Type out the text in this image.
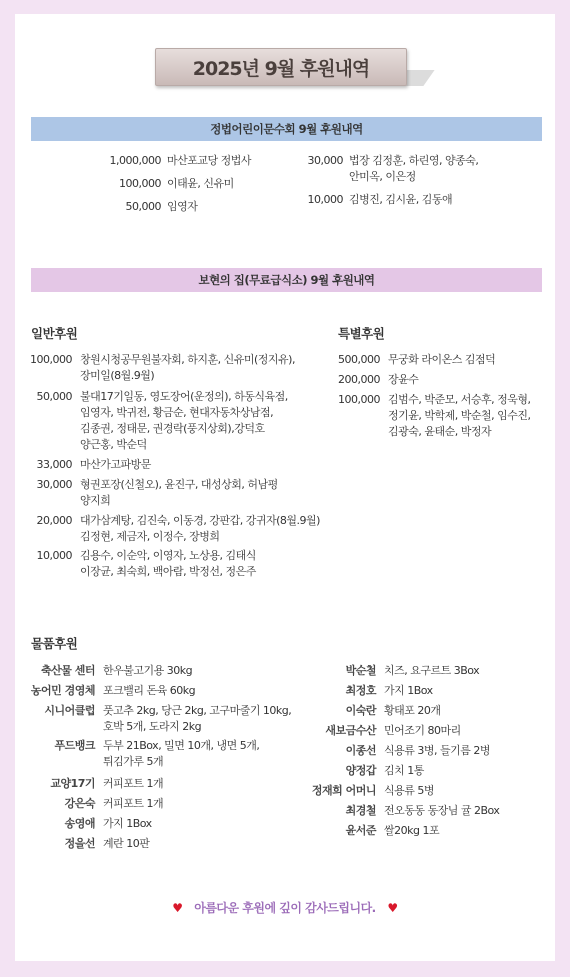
2025년 9월 후원내역
정법어린이문수회 9월 후원내역
1,000,000 마산포교당 정법사
100,000 이태윤, 신유미
50,000 임영자
30,000 법장 김정훈, 하린영, 양종숙,
안미옥, 이은정
10,000 김병진, 김시윤, 김동애
보현의 집(무료급식소) 9월 후원내역
일반후원
100,000 창원시청공무원불자회, 하지훈, 신유미(정지유),
장미일(8월.9월)
50,000 불대17기일동, 영도장어(운정의), 하동식육점,
임영자, 박귀전, 황금순, 현대자동차상남점,
김종권, 정태문, 권경락(풍지상회),강덕호
양근홍, 박순덕
33,000 마산가고파방문
30,000 형권포장(신철오), 윤진구, 대성상회, 허남평
양지희
20,000 대가삼계탕, 김진숙, 이동경, 강판갑, 강귀자(8월.9월)
김정현, 제금자, 이정수, 장병희
10,000 김용수, 이순악, 이영자, 노상용, 김태식
이장균, 최숙희, 백아람, 박정선, 정은주
특별후원
500,000 무궁화 라이온스 김점덕
200,000 장윤수
100,000 김범수, 박준모, 서승후, 정욱형,
정기윤, 박학제, 박순철, 임수진,
김광숙, 윤태순, 박정자
물품후원
축산물 센터 한우불고기용 30kg
농어민 경영체 포크밸리 돈육 60kg
시니어클럽 풋고추 2kg, 당근 2kg, 고구마줄기 10kg,
호박 5개, 도라지 2kg
푸드뱅크 두부 21Box, 밀면 10개, 냉면 5개,
튀김가루 5개
교양17기 커피포트 1개
강은숙 커피포트 1개
송영애 가지 1Box
정을선 계란 10판
박순철 치즈, 요구르트 3Box
최정호 가지 1Box
이숙란 황태포 20개
새보금수산 민어조기 80마리
이종선 식용류 3병, 들기름 2병
양정갑 김치 1통
정재희 어머니 식용류 5병
최경철 전오동동 동장님 귤 2Box
윤서준 쌀20kg 1포
♥ 아름다운 후원에 깊이 감사드립니다. ♥
